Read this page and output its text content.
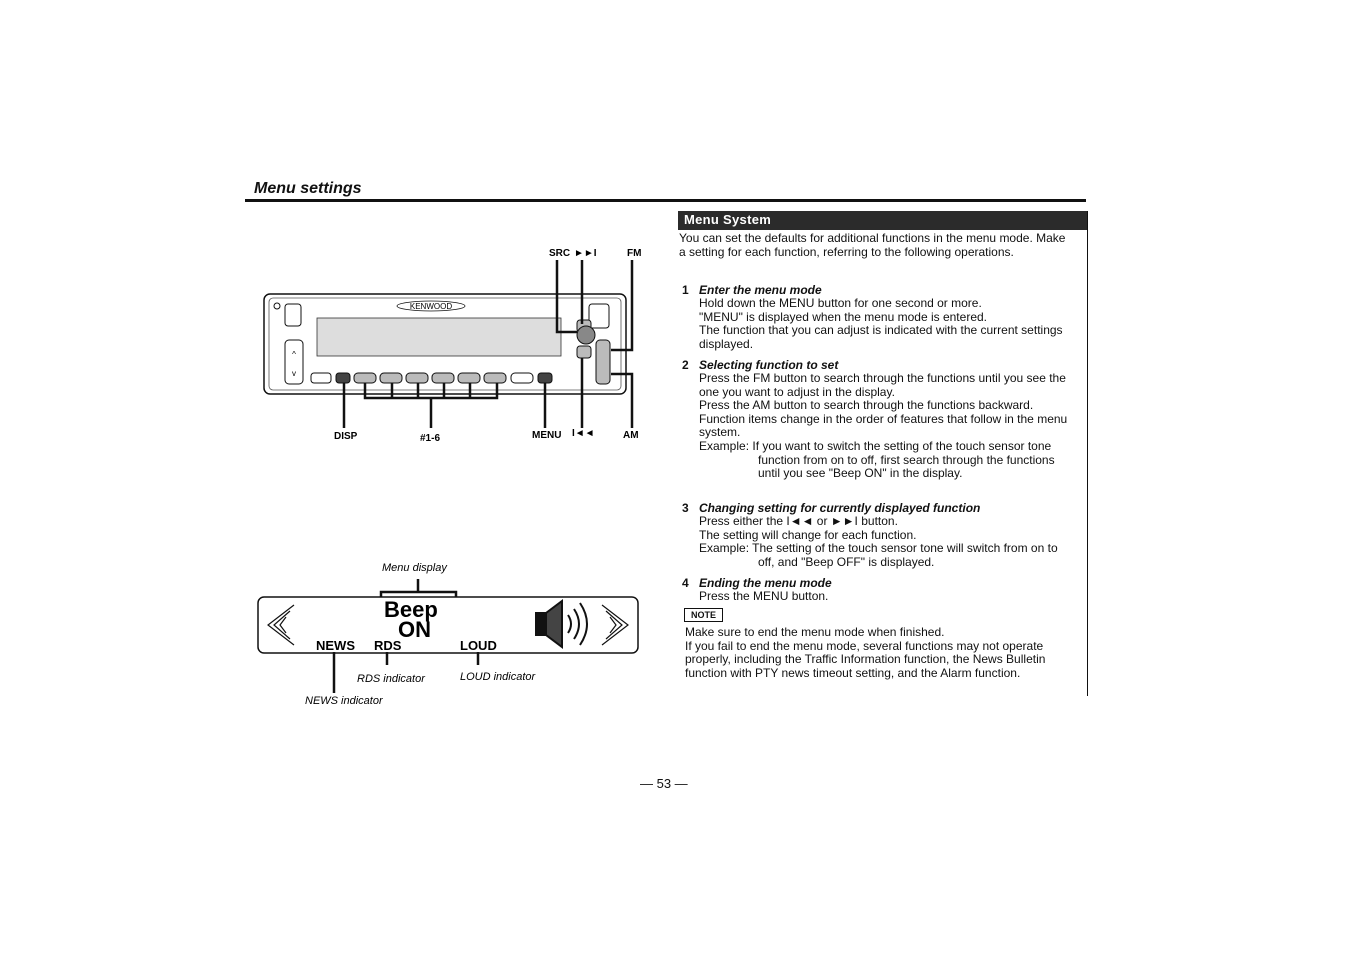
Menu settings
KENWOOD
^
v
SRC ►►I	FM
DISP	#1-6	MENU I◄◄	AM
Menu display
Beep
ON
NEWS RDS	LOUD
RDS indicator	LOUD indicator
NEWS indicator
Menu System
You can set the defaults for additional functions in the menu mode. Make a setting for each function, referring to the following operations.
1 Enter the menu mode
Hold down the MENU button for one second or more.
"MENU" is displayed when the menu mode is entered.
The function that you can adjust is indicated with the current settings displayed.
2 Selecting function to set
Press the FM button to search through the functions until you see the one you want to adjust in the display.
Press the AM button to search through the functions backward.
Function items change in the order of features that follow in the menu system.
Example: If you want to switch the setting of the touch sensor tone function from on to off, first search through the functions until you see "Beep ON" in the display.
3 Changing setting for currently displayed function
Press either the I◄◄ or ►►I button.
The setting will change for each function.
Example: The setting of the touch sensor tone will switch from on to off, and "Beep OFF" is displayed.
4 Ending the menu mode
Press the MENU button.
NOTE
Make sure to end the menu mode when finished.
If you fail to end the menu mode, several functions may not operate properly, including the Traffic Information function, the News Bulletin function with PTY news timeout setting, and the Alarm function.
— 53 —
